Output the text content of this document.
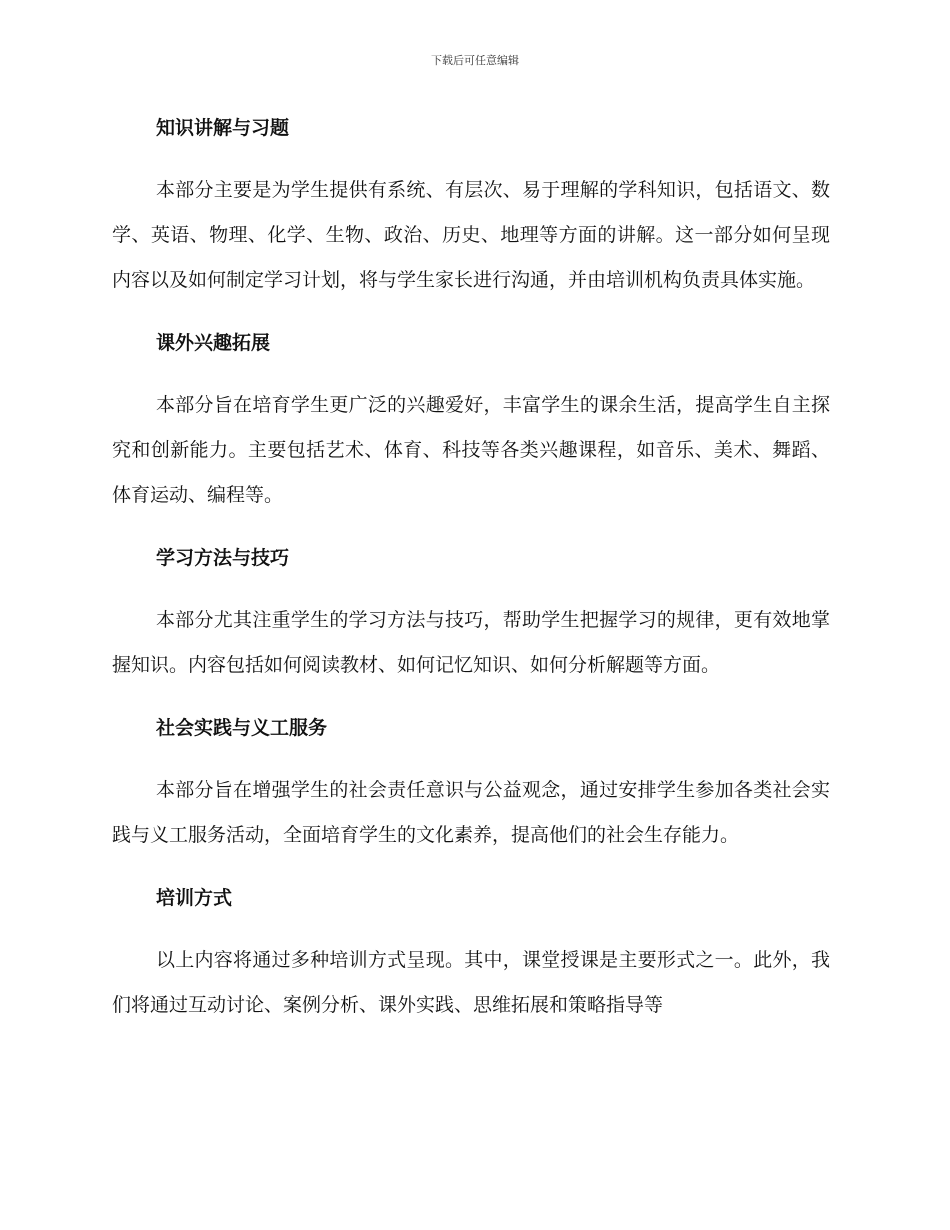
下载后可任意编辑
知识讲解与习题

本部分主要是为学生提供有系统、有层次、易于理解的学科知识，包括语文、数学、英语、物理、化学、生物、政治、历史、地理等方面的讲解。这一部分如何呈现内容以及如何制定学习计划，将与学生家长进行沟通，并由培训机构负责具体实施。

课外兴趣拓展

本部分旨在培育学生更广泛的兴趣爱好，丰富学生的课余生活，提高学生自主探究和创新能力。主要包括艺术、体育、科技等各类兴趣课程，如音乐、美术、舞蹈、体育运动、编程等。

学习方法与技巧

本部分尤其注重学生的学习方法与技巧，帮助学生把握学习的规律，更有效地掌握知识。内容包括如何阅读教材、如何记忆知识、如何分析解题等方面。

社会实践与义工服务

本部分旨在增强学生的社会责任意识与公益观念，通过安排学生参加各类社会实践与义工服务活动，全面培育学生的文化素养，提高他们的社会生存能力。

培训方式

以上内容将通过多种培训方式呈现。其中，课堂授课是主要形式之一。此外，我们将通过互动讨论、案例分析、课外实践、思维拓展和策略指导等
